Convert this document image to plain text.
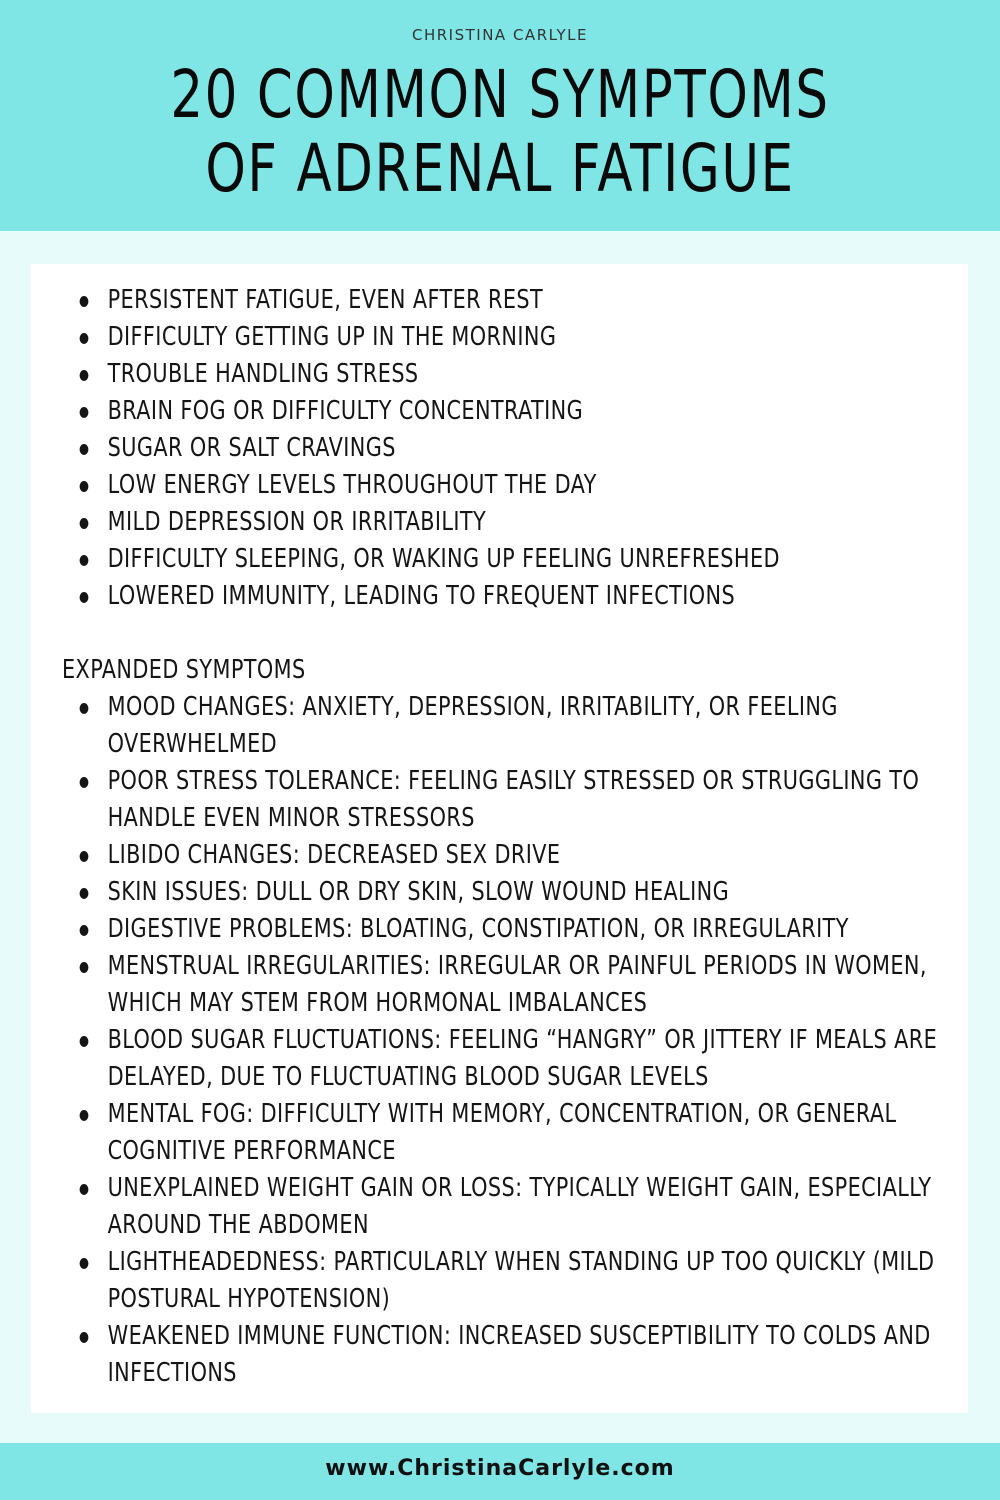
CHRISTINA CARLYLE
20 COMMON SYMPTOMS
OF ADRENAL FATIGUE
PERSISTENT FATIGUE, EVEN AFTER REST
DIFFICULTY GETTING UP IN THE MORNING
TROUBLE HANDLING STRESS
BRAIN FOG OR DIFFICULTY CONCENTRATING
SUGAR OR SALT CRAVINGS
LOW ENERGY LEVELS THROUGHOUT THE DAY
MILD DEPRESSION OR IRRITABILITY
DIFFICULTY SLEEPING, OR WAKING UP FEELING UNREFRESHED
LOWERED IMMUNITY, LEADING TO FREQUENT INFECTIONS
EXPANDED SYMPTOMS
MOOD CHANGES: ANXIETY, DEPRESSION, IRRITABILITY, OR FEELING OVERWHELMED
POOR STRESS TOLERANCE: FEELING EASILY STRESSED OR STRUGGLING TO HANDLE EVEN MINOR STRESSORS
LIBIDO CHANGES: DECREASED SEX DRIVE
SKIN ISSUES: DULL OR DRY SKIN, SLOW WOUND HEALING
DIGESTIVE PROBLEMS: BLOATING, CONSTIPATION, OR IRREGULARITY
MENSTRUAL IRREGULARITIES: IRREGULAR OR PAINFUL PERIODS IN WOMEN, WHICH MAY STEM FROM HORMONAL IMBALANCES
BLOOD SUGAR FLUCTUATIONS: FEELING “HANGRY” OR JITTERY IF MEALS ARE DELAYED, DUE TO FLUCTUATING BLOOD SUGAR LEVELS
MENTAL FOG: DIFFICULTY WITH MEMORY, CONCENTRATION, OR GENERAL COGNITIVE PERFORMANCE
UNEXPLAINED WEIGHT GAIN OR LOSS: TYPICALLY WEIGHT GAIN, ESPECIALLY AROUND THE ABDOMEN
LIGHTHEADEDNESS: PARTICULARLY WHEN STANDING UP TOO QUICKLY (MILD POSTURAL HYPOTENSION)
WEAKENED IMMUNE FUNCTION: INCREASED SUSCEPTIBILITY TO COLDS AND INFECTIONS
www.ChristinaCarlyle.com
